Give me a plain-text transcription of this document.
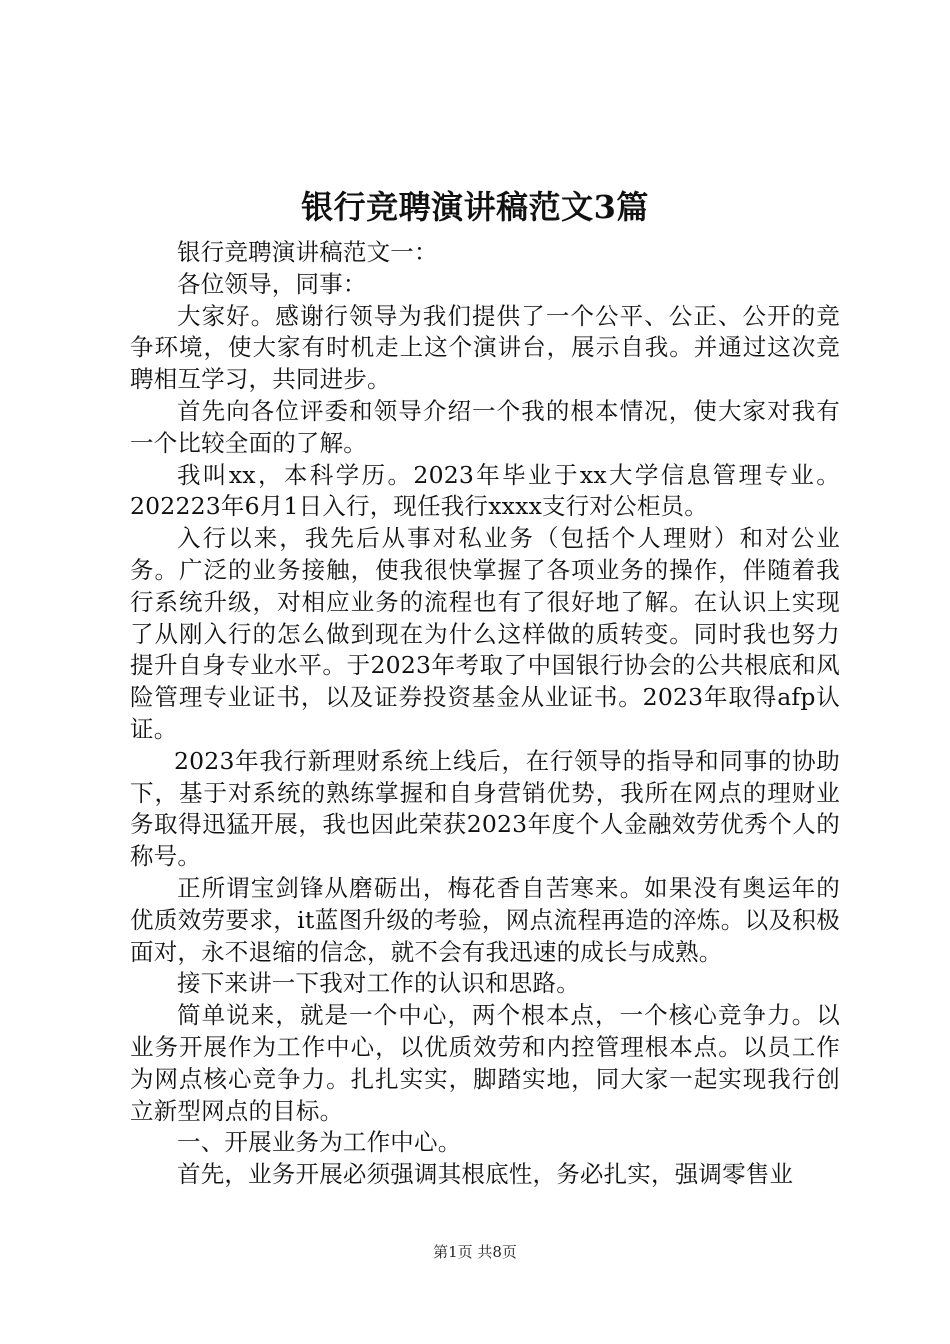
银行竞聘演讲稿范文3篇

银行竞聘演讲稿范文一：

各位领导，同事：

大家好。感谢行领导为我们提供了一个公平、公正、公开的竞争环境，使大家有时机走上这个演讲台，展示自我。并通过这次竞聘相互学习，共同进步。

首先向各位评委和领导介绍一个我的根本情况，使大家对我有一个比较全面的了解。

我叫xx，本科学历。2023年毕业于xx大学信息管理专业。202223年6月1日入行，现任我行xxxx支行对公柜员。

入行以来，我先后从事对私业务（包括个人理财）和对公业务。广泛的业务接触，使我很快掌握了各项业务的操作，伴随着我行系统升级，对相应业务的流程也有了很好地了解。在认识上实现了从刚入行的怎么做到现在为什么这样做的质转变。同时我也努力提升自身专业水平。于2023年考取了中国银行协会的公共根底和风险管理专业证书，以及证券投资基金从业证书。2023年取得afp认证。

2023年我行新理财系统上线后，在行领导的指导和同事的协助下，基于对系统的熟练掌握和自身营销优势，我所在网点的理财业务取得迅猛开展，我也因此荣获2023年度个人金融效劳优秀个人的称号。

正所谓宝剑锋从磨砺出，梅花香自苦寒来。如果没有奥运年的优质效劳要求，it蓝图升级的考验，网点流程再造的淬炼。以及积极面对，永不退缩的信念，就不会有我迅速的成长与成熟。

接下来讲一下我对工作的认识和思路。

简单说来，就是一个中心，两个根本点，一个核心竞争力。以业务开展作为工作中心，以优质效劳和内控管理根本点。以员工作为网点核心竞争力。扎扎实实，脚踏实地，同大家一起实现我行创立新型网点的目标。

一、开展业务为工作中心。

首先，业务开展必须强调其根底性，务必扎实，强调零售业

第1页 共8页
